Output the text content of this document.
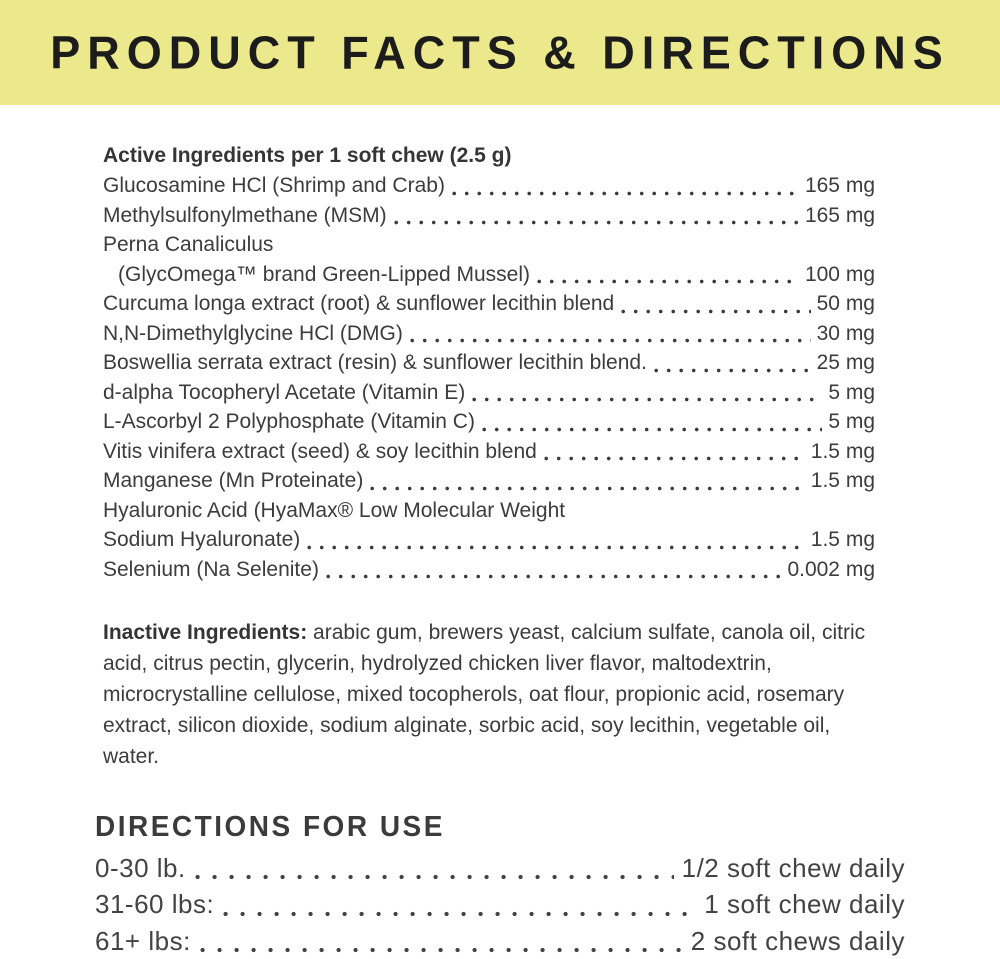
PRODUCT FACTS & DIRECTIONS
Active Ingredients per 1 soft chew (2.5 g)
Glucosamine HCl (Shrimp and Crab)	165 mg
Methylsulfonylmethane (MSM)	165 mg
Perna Canaliculus
(GlycOmega™ brand Green-Lipped Mussel)	100 mg
Curcuma longa extract (root) & sunflower lecithin blend	50 mg
N,N-Dimethylglycine HCl (DMG)	30 mg
Boswellia serrata extract (resin) & sunflower lecithin blend.	25 mg
d-alpha Tocopheryl Acetate (Vitamin E)	5 mg
L-Ascorbyl 2 Polyphosphate (Vitamin C)	5 mg
Vitis vinifera extract (seed) & soy lecithin blend	1.5 mg
Manganese (Mn Proteinate)	1.5 mg
Hyaluronic Acid (HyaMax® Low Molecular Weight
Sodium Hyaluronate)	1.5 mg
Selenium (Na Selenite)	0.002 mg
Inactive Ingredients: arabic gum, brewers yeast, calcium sulfate, canola oil, citric acid, citrus pectin, glycerin, hydrolyzed chicken liver flavor, maltodextrin, microcrystalline cellulose, mixed tocopherols, oat flour, propionic acid, rosemary extract, silicon dioxide, sodium alginate, sorbic acid, soy lecithin, vegetable oil, water.
DIRECTIONS FOR USE
0-30 lb.	1/2 soft chew daily
31-60 lbs:	1 soft chew daily
61+ lbs:	2 soft chews daily
